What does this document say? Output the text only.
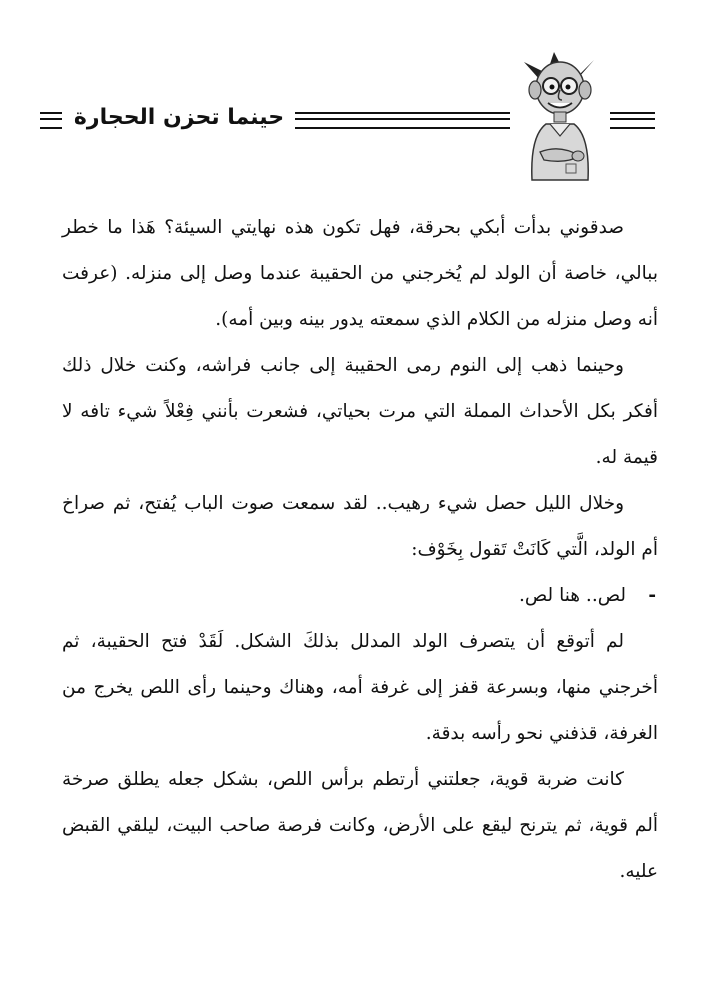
حينما تحزن الحجارة

صدقوني بدأت أبكي بحرقة، فهل تكون هذه نهايتي السيئة؟ هَذا ما خطر ببالي، خاصة أن الولد لم يُخرجني من الحقيبة عندما وصل إلى منزله. (عرفت أنه وصل منزله من الكلام الذي سمعته يدور بينه وبين أمه).

وحينما ذهب إلى النوم رمى الحقيبة إلى جانب فراشه، وكنت خلال ذلك أفكر بكل الأحداث المملة التي مرت بحياتي، فشعرت بأنني فِعْلاً شيء تافه لا قيمة له.

وخلال الليل حصل شيء رهيب.. لقد سمعت صوت الباب يُفتح، ثم صراخ أم الولد، الَّتي كَانَتْ تَقول بِخَوْف:

-لص.. هنا لص.

لم أتوقع أن يتصرف الولد المدلل بذلكَ الشكل. لَقَدْ فتح الحقيبة، ثم أخرجني منها، وبسرعة قفز إلى غرفة أمه، وهناك وحينما رأى اللص يخرج من الغرفة، قذفني نحو رأسه بدقة.

كانت ضربة قوية، جعلتني أرتطم برأس اللص، بشكل جعله يطلق صرخة ألم قوية، ثم يترنح ليقع على الأرض، وكانت فرصة صاحب البيت، ليلقي القبض عليه.
